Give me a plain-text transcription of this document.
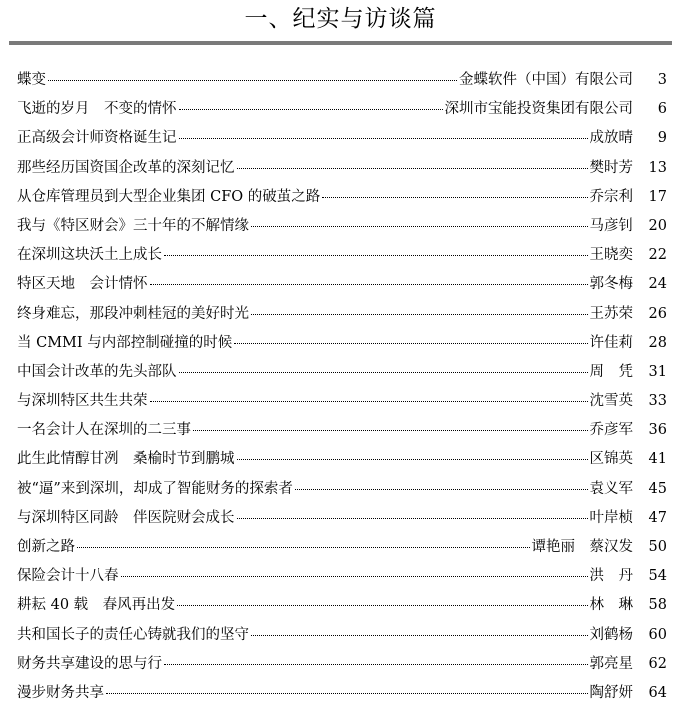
一、纪实与访谈篇
蝶变	金蝶软件（中国）有限公司	3
飞逝的岁月　不变的情怀	深圳市宝能投资集团有限公司	6
正高级会计师资格诞生记	成放晴	9
那些经历国资国企改革的深刻记忆	樊时芳	13
从仓库管理员到大型企业集团 CFO 的破茧之路	乔宗利	17
我与《特区财会》三十年的不解情缘	马彦钊	20
在深圳这块沃土上成长	王晓奕	22
特区天地　会计情怀	郭冬梅	24
终身难忘，那段冲刺桂冠的美好时光	王苏荣	26
当 CMMI 与内部控制碰撞的时候	许佳莉	28
中国会计改革的先头部队	周　凭	31
与深圳特区共生共荣	沈雪英	33
一名会计人在深圳的二三事	乔彦军	36
此生此情醇甘冽　桑榆时节到鹏城	区锦英	41
被“逼”来到深圳，却成了智能财务的探索者	袁义军	45
与深圳特区同龄　伴医院财会成长	叶岸桢	47
创新之路	谭艳丽　蔡汉发	50
保险会计十八春	洪　丹	54
耕耘 40 载　春风再出发	林　琳	58
共和国长子的责任心铸就我们的坚守	刘鹤杨	60
财务共享建设的思与行	郭亮星	62
漫步财务共享	陶舒妍	64
